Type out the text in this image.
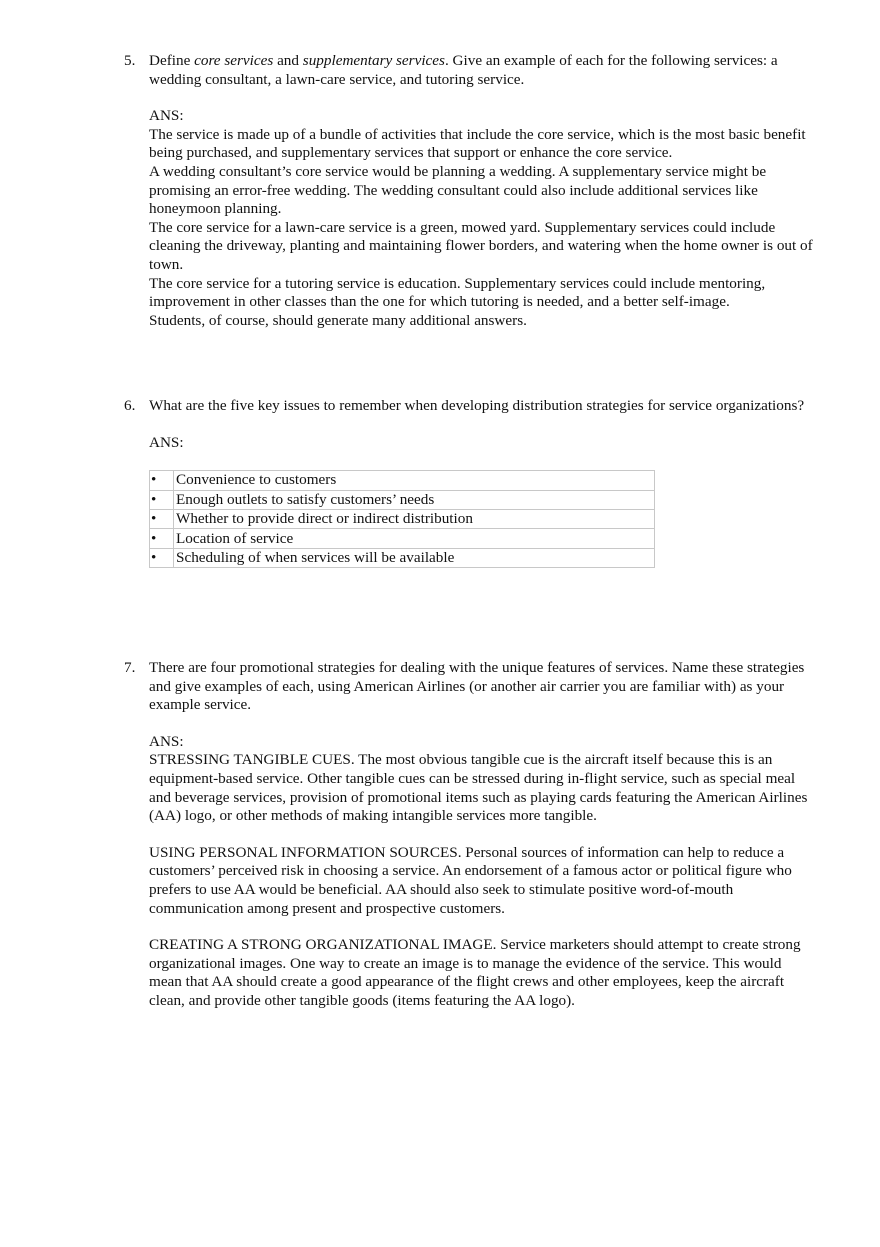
5. Define core services and supplementary services. Give an example of each for the following services: a wedding consultant, a lawn-care service, and tutoring service.

ANS:

The service is made up of a bundle of activities that include the core service, which is the most basic benefit being purchased, and supplementary services that support or enhance the core service.

A wedding consultant’s core service would be planning a wedding. A supplementary service might be promising an error-free wedding. The wedding consultant could also include additional services like honeymoon planning.

The core service for a lawn-care service is a green, mowed yard. Supplementary services could include cleaning the driveway, planting and maintaining flower borders, and watering when the home owner is out of town.

The core service for a tutoring service is education. Supplementary services could include mentoring, improvement in other classes than the one for which tutoring is needed, and a better self-image.

Students, of course, should generate many additional answers.

6. What are the five key issues to remember when developing distribution strategies for service organizations?

ANS:
•	Convenience to customers
•	Enough outlets to satisfy customers’ needs
•	Whether to provide direct or indirect distribution
•	Location of service
•	Scheduling of when services will be available
7. There are four promotional strategies for dealing with the unique features of services. Name these strategies and give examples of each, using American Airlines (or another air carrier you are familiar with) as your example service.

ANS:

STRESSING TANGIBLE CUES. The most obvious tangible cue is the aircraft itself because this is an equipment-based service. Other tangible cues can be stressed during in-flight service, such as special meal and beverage services, provision of promotional items such as playing cards featuring the American Airlines (AA) logo, or other methods of making intangible services more tangible.

USING PERSONAL INFORMATION SOURCES. Personal sources of information can help to reduce a customers’ perceived risk in choosing a service. An endorsement of a famous actor or political figure who prefers to use AA would be beneficial. AA should also seek to stimulate positive word-of-mouth communication among present and prospective customers.

CREATING A STRONG ORGANIZATIONAL IMAGE. Service marketers should attempt to create strong organizational images. One way to create an image is to manage the evidence of the service. This would mean that AA should create a good appearance of the flight crews and other employees, keep the aircraft clean, and provide other tangible goods (items featuring the AA logo).
